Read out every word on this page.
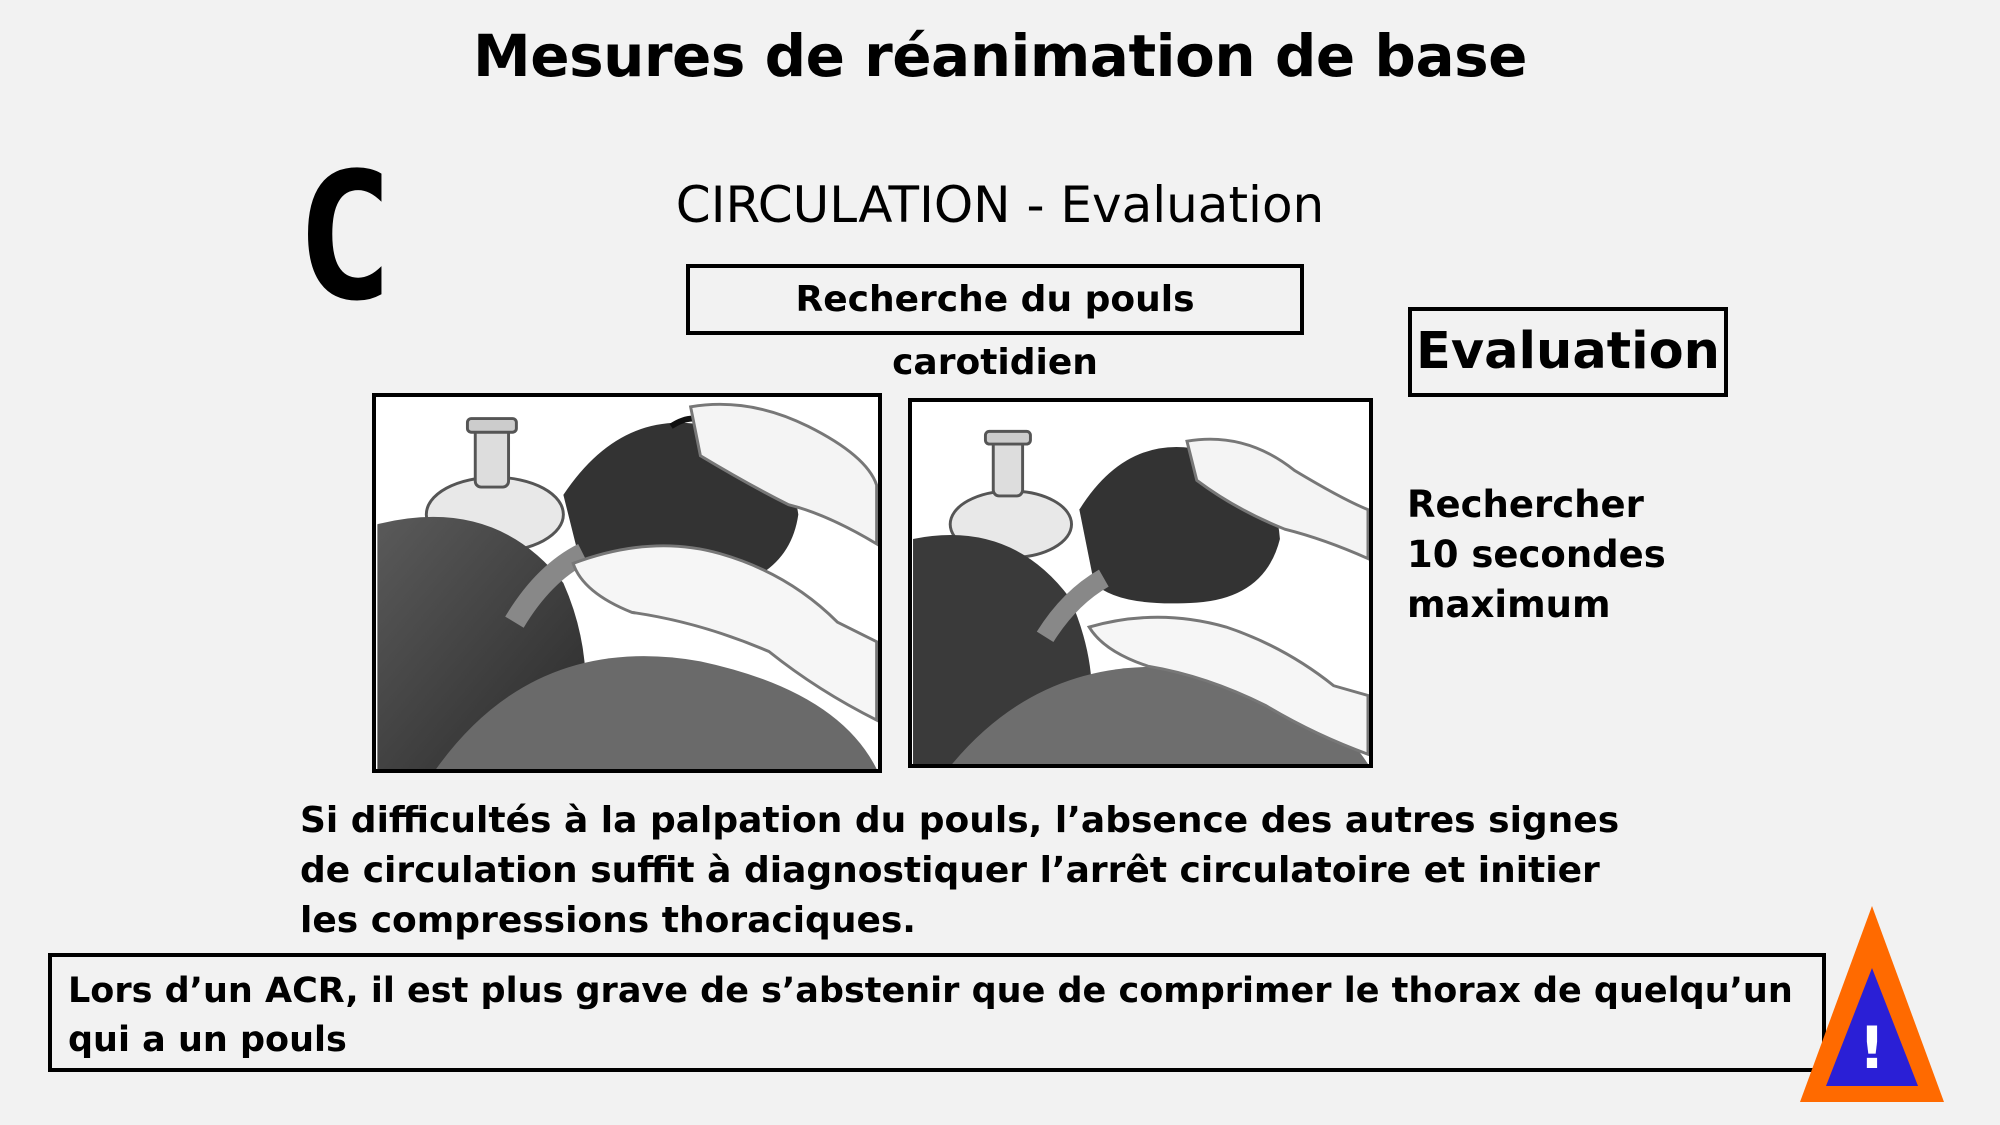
Mesures de réanimation de base
C	CIRCULATION - Evaluation
Recherche du pouls carotidien	Evaluation
Rechercher
10 secondes
maximum
Si difficultés à la palpation du pouls, l’absence des autres signes de circulation suffit à diagnostiquer l’arrêt circulatoire et initier les compressions thoraciques.
Lors d’un ACR, il est plus grave de s’abstenir que de comprimer le thorax de quelqu’un qui a un pouls	!
